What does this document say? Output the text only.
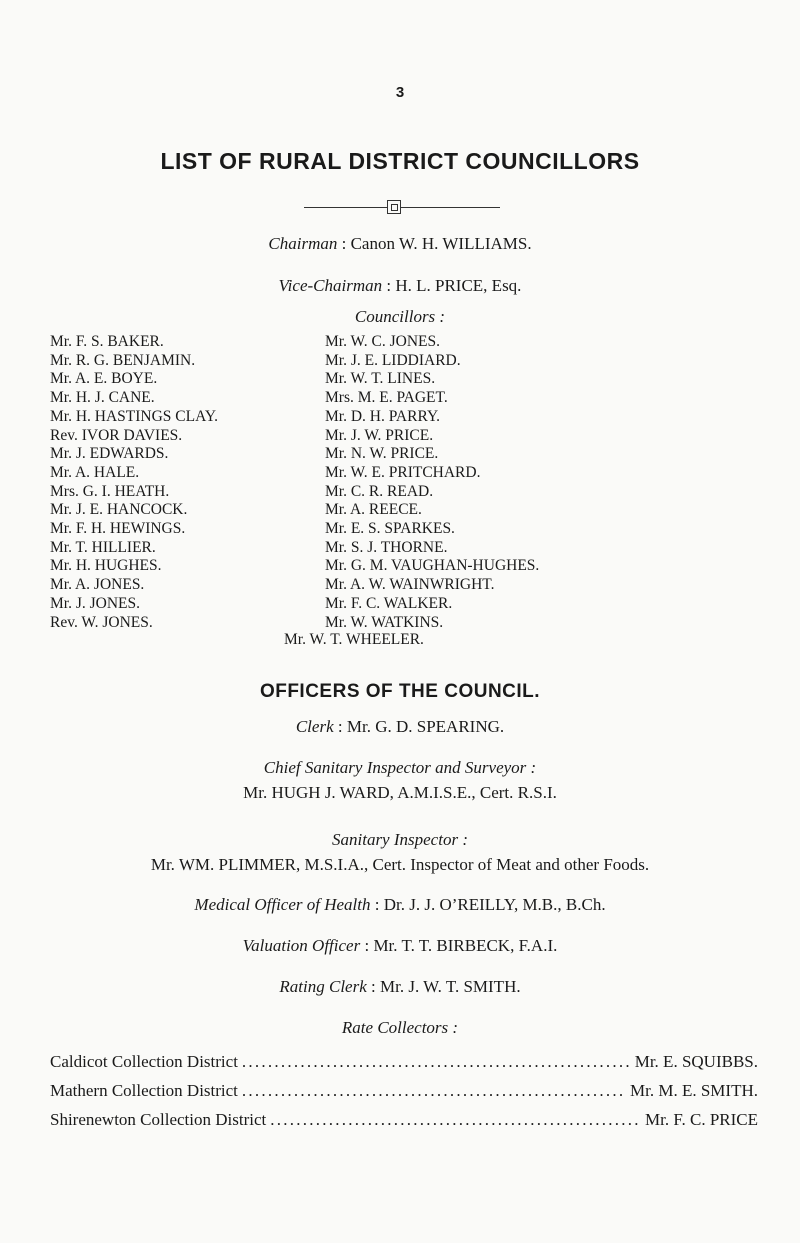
3
LIST OF RURAL DISTRICT COUNCILLORS
Chairman : Canon W. H. WILLIAMS.
Vice-Chairman : H. L. PRICE, Esq.
Councillors :
Mr. F. S. BAKER.
Mr. R. G. BENJAMIN.
Mr. A. E. BOYE.
Mr. H. J. CANE.
Mr. H. HASTINGS CLAY.
Rev. IVOR DAVIES.
Mr. J. EDWARDS.
Mr. A. HALE.
Mrs. G. I. HEATH.
Mr. J. E. HANCOCK.
Mr. F. H. HEWINGS.
Mr. T. HILLIER.
Mr. H. HUGHES.
Mr. A. JONES.
Mr. J. JONES.
Rev. W. JONES.
Mr. W. C. JONES.
Mr. J. E. LIDDIARD.
Mr. W. T. LINES.
Mrs. M. E. PAGET.
Mr. D. H. PARRY.
Mr. J. W. PRICE.
Mr. N. W. PRICE.
Mr. W. E. PRITCHARD.
Mr. C. R. READ.
Mr. A. REECE.
Mr. E. S. SPARKES.
Mr. S. J. THORNE.
Mr. G. M. VAUGHAN-HUGHES.
Mr. A. W. WAINWRIGHT.
Mr. F. C. WALKER.
Mr. W. WATKINS.
Mr. W. T. WHEELER.
OFFICERS OF THE COUNCIL.
Clerk : Mr. G. D. SPEARING.
Chief Sanitary Inspector and Surveyor :
Mr. HUGH J. WARD, A.M.I.S.E., Cert. R.S.I.
Sanitary Inspector :
Mr. WM. PLIMMER, M.S.I.A., Cert. Inspector of Meat and other Foods.
Medical Officer of Health : Dr. J. J. O’REILLY, M.B., B.Ch.
Valuation Officer : Mr. T. T. BIRBECK, F.A.I.
Rating Clerk : Mr. J. W. T. SMITH.
Rate Collectors :
Caldicot Collection District . . .	Mr. E. SQUIBBS.
Mathern Collection District . . .	Mr. M. E. SMITH.
Shirenewton Collection District . . .	Mr. F. C. PRICE
